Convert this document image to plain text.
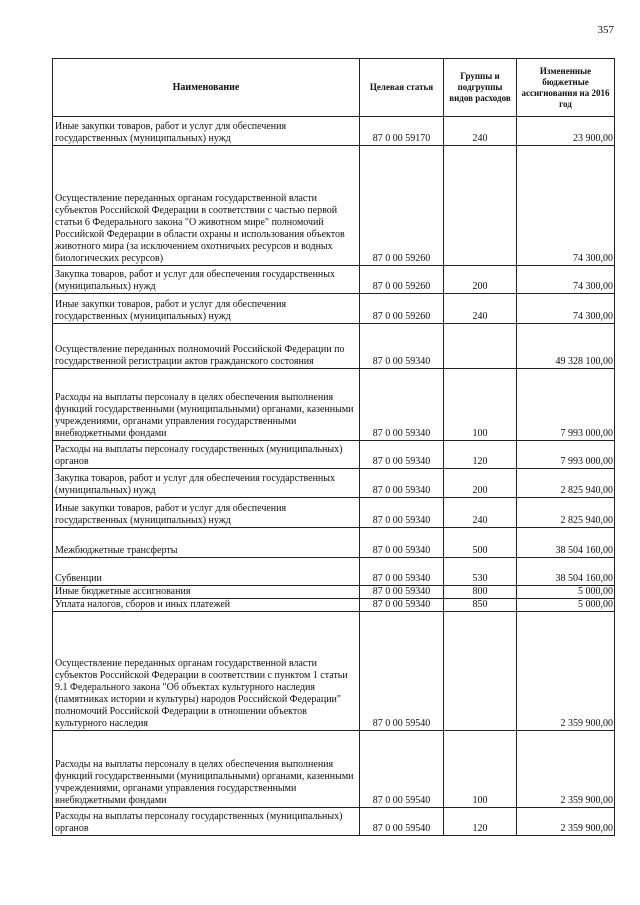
357
Наименование	Целевая статья	Группы и подгруппы видов расходов	Измененные бюджетные ассигнования на 2016 год
Иные закупки товаров, работ и услуг для обеспечения государственных (муниципальных) нужд	87 0 00 59170	240	23 900,00
Осуществление переданных органам государственной власти субъектов Российской Федерации в соответствии с частью первой статьи 6 Федерального закона "О животном мире" полномочий Российской Федерации в области охраны и использования объектов животного мира (за исключением охотничьих ресурсов и водных биологических ресурсов)	87 0 00 59260		74 300,00
Закупка товаров, работ и услуг для обеспечения государственных (муниципальных) нужд	87 0 00 59260	200	74 300,00
Иные закупки товаров, работ и услуг для обеспечения государственных (муниципальных) нужд	87 0 00 59260	240	74 300,00
Осуществление переданных полномочий Российской Федерации по государственной регистрации актов гражданского состояния	87 0 00 59340		49 328 100,00
Расходы на выплаты персоналу в целях обеспечения выполнения функций государственными (муниципальными) органами, казенными учреждениями, органами управления государственными внебюджетными фондами	87 0 00 59340	100	7 993 000,00
Расходы на выплаты персоналу государственных (муниципальных) органов	87 0 00 59340	120	7 993 000,00
Закупка товаров, работ и услуг для обеспечения государственных (муниципальных) нужд	87 0 00 59340	200	2 825 940,00
Иные закупки товаров, работ и услуг для обеспечения государственных (муниципальных) нужд	87 0 00 59340	240	2 825 940,00
Межбюджетные трансферты	87 0 00 59340	500	38 504 160,00
Субвенции	87 0 00 59340	530	38 504 160,00
Иные бюджетные ассигнования	87 0 00 59340	800	5 000,00
Уплата налогов, сборов и иных платежей	87 0 00 59340	850	5 000,00
Осуществление переданных органам государственной власти субъектов Российской Федерации в соответствии с пунктом 1 статьи 9.1 Федерального закона "Об объектах культурного наследия (памятниках истории и культуры) народов Российской Федерации" полномочий Российской Федерации в отношении объектов культурного наследия	87 0 00 59540		2 359 900,00
Расходы на выплаты персоналу в целях обеспечения выполнения функций государственными (муниципальными) органами, казенными учреждениями, органами управления государственными внебюджетными фондами	87 0 00 59540	100	2 359 900,00
Расходы на выплаты персоналу государственных (муниципальных) органов	87 0 00 59540	120	2 359 900,00
